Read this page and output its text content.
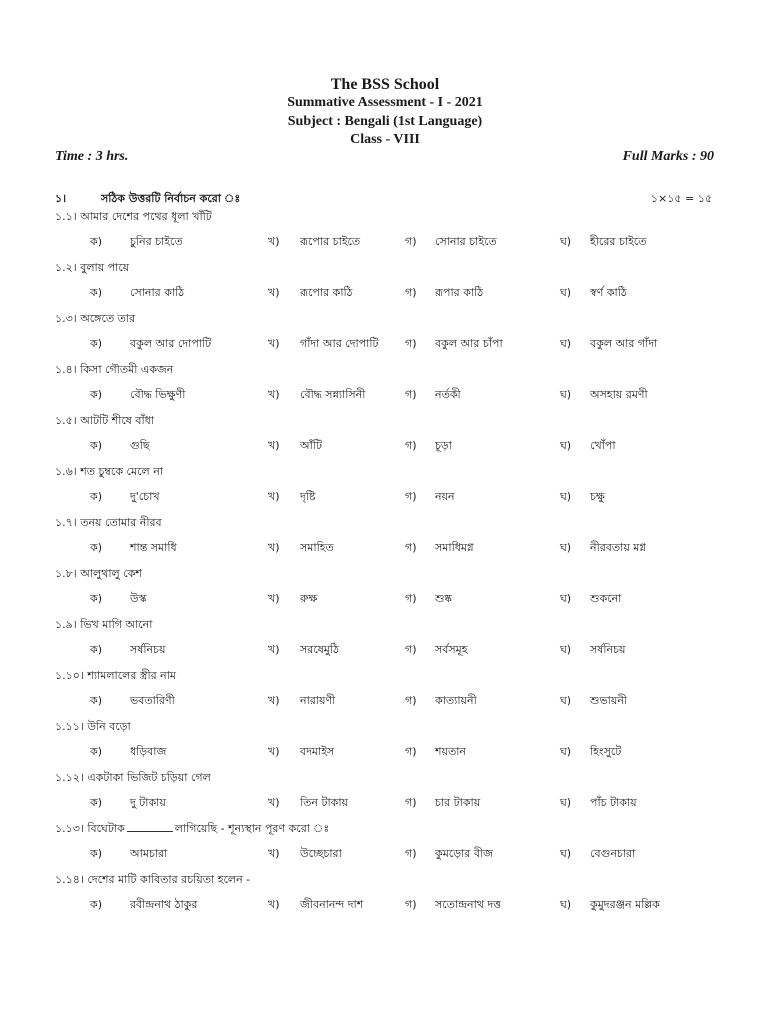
The BSS School
Summative Assessment - I - 2021
Subject : Bengali (1st Language)
Class - VIII
Time : 3 hrs.	Full Marks : 90
১।	সঠিক উত্তরটি নির্বাচন করো ঃ	১×১৫ = ১৫
১.১। আমার দেশের পথের ধূলা খাঁটি
ক)	চুনির চাইতে	খ) রূপোর চাইতে	গ) সোনার চাইতে	ঘ) হীরের চাইতে
১.২। বুলায় পায়ে
ক)	সোনার কাঠি	খ) রূপোর কাঠি	গ) রূপার কাঠি	ঘ) স্বর্ণ কাঠি
১.৩। অঙ্গেতে তার
ক)	বকুল আর দোপাটি	খ) গাঁদা আর দোপাটি গ) বকুল আর চাঁপা	ঘ) বকুল আর গাঁদা
১.৪। কিসা গৌতমী একজন
ক)	বৌদ্ধ ভিক্ষুণী	খ) বৌদ্ধ সন্ন্যাসিনী	গ) নর্তকী	ঘ) অসহায় রমণী
১.৫। আটটি শীষে বাঁধা
ক)	গুছি	খ) আঁটি	গ) চূড়া	ঘ) খোঁপা
১.৬। শত চুম্বকে মেলে না
ক)	দু'চোখ	খ) দৃষ্টি	গ) নয়ন	ঘ) চক্ষু
১.৭। তনয় তোমার নীরব
ক)	শান্ত সমাধি	খ) সমাহিত	গ) সমাধিমগ্ন	ঘ) নীরবতায় মগ্ন
১.৮। আলুথালু কেশ
ক)	উস্ক	খ) রুক্ষ	গ) শুষ্ক	ঘ) শুকনো
১.৯। ভিখ মাগি আনো
ক)	সর্ষনিচয়	খ) সরষেমুঠি	গ) সর্বসমূহ	ঘ) সর্ষনিচয়
১.১০। শ্যামলালের স্ত্রীর নাম
ক)	ভবতারিণী	খ) নারায়ণী	গ) কাত্যায়নী	ঘ) শুভায়নী
১.১১। উনি বড়ো
ক)	ধড়িবাজ	খ) বদমাইস	গ) শয়তান	ঘ) হিংসুটে
১.১২। একটাকা ভিজিট চড়িয়া গেল
ক)	দু টাকায়	খ) তিন টাকায়	গ) চার টাকায়	ঘ) পাঁচ টাকায়
১.১৩। বিঘেটাক	লাগিয়েছি - শূন্যস্থান পূরণ করো ঃ
ক)	আমচারা	খ) উচ্ছেচারা	গ) কুমড়োর বীজ	ঘ) বেগুনচারা
১.১৪। দেশের মাটি কাবিতার রচয়িতা হলেন -
ক)	রবীন্দ্রনাথ ঠাকুর	খ) জীবনানন্দ দাশ	গ) সতোন্দ্রনাথ দত্ত	ঘ) কুমুদরঞ্জন মল্লিক
